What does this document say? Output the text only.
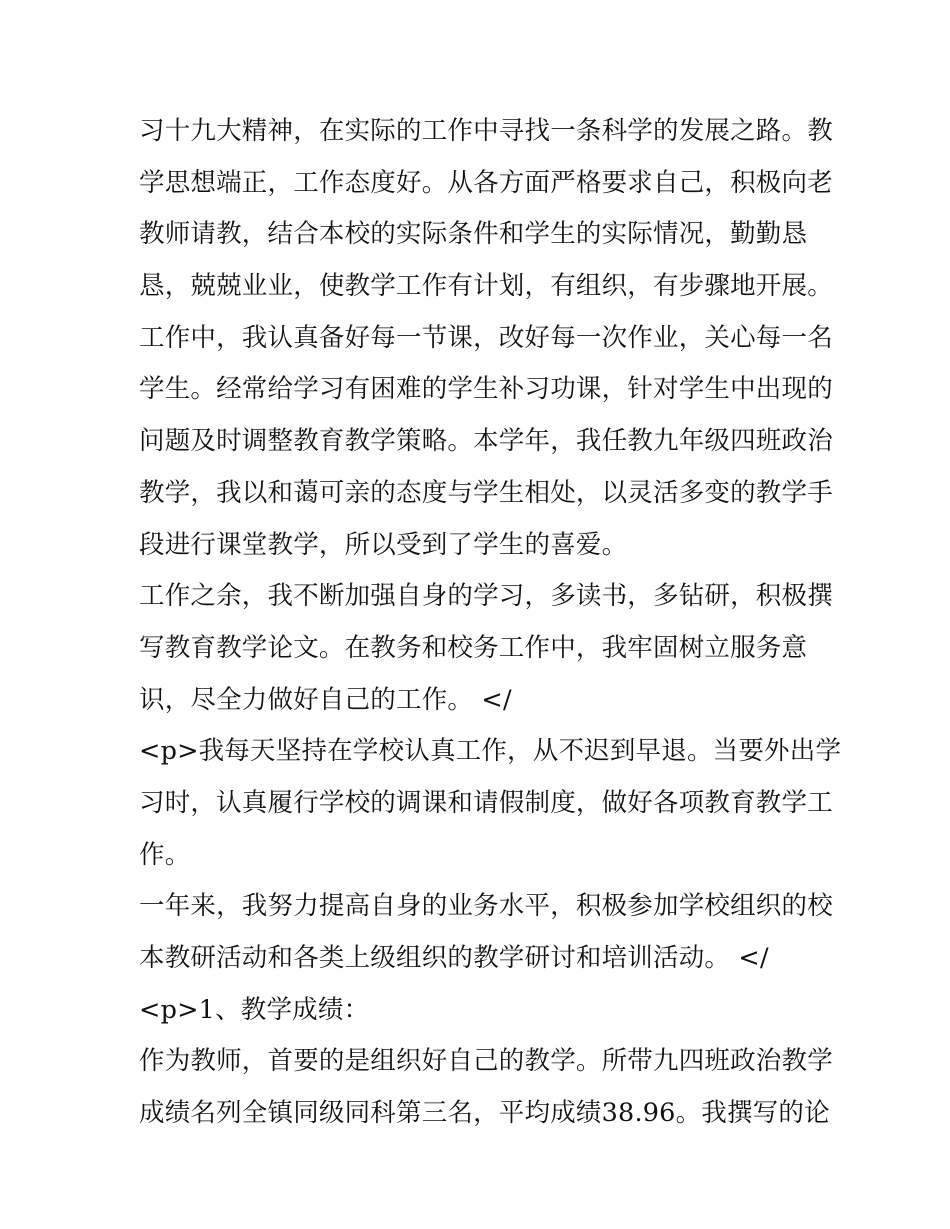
习十九大精神，在实际的工作中寻找一条科学的发展之路。教
学思想端正，工作态度好。从各方面严格要求自己，积极向老
教师请教，结合本校的实际条件和学生的实际情况，勤勤恳
恳，兢兢业业，使教学工作有计划，有组织，有步骤地开展。
工作中，我认真备好每一节课，改好每一次作业，关心每一名
学生。经常给学习有困难的学生补习功课，针对学生中出现的
问题及时调整教育教学策略。本学年，我任教九年级四班政治
教学，我以和蔼可亲的态度与学生相处，以灵活多变的教学手
段进行课堂教学，所以受到了学生的喜爱。
工作之余，我不断加强自身的学习，多读书，多钻研，积极撰
写教育教学论文。在教务和校务工作中，我牢固树立服务意
识，尽全力做好自己的工作。 </
<p>我每天坚持在学校认真工作，从不迟到早退。当要外出学
习时，认真履行学校的调课和请假制度，做好各项教育教学工
作。
一年来，我努力提高自身的业务水平，积极参加学校组织的校
本教研活动和各类上级组织的教学研讨和培训活动。 </
<p>1、教学成绩：
作为教师，首要的是组织好自己的教学。所带九四班政治教学
成绩名列全镇同级同科第三名，平均成绩38.96。我撰写的论
